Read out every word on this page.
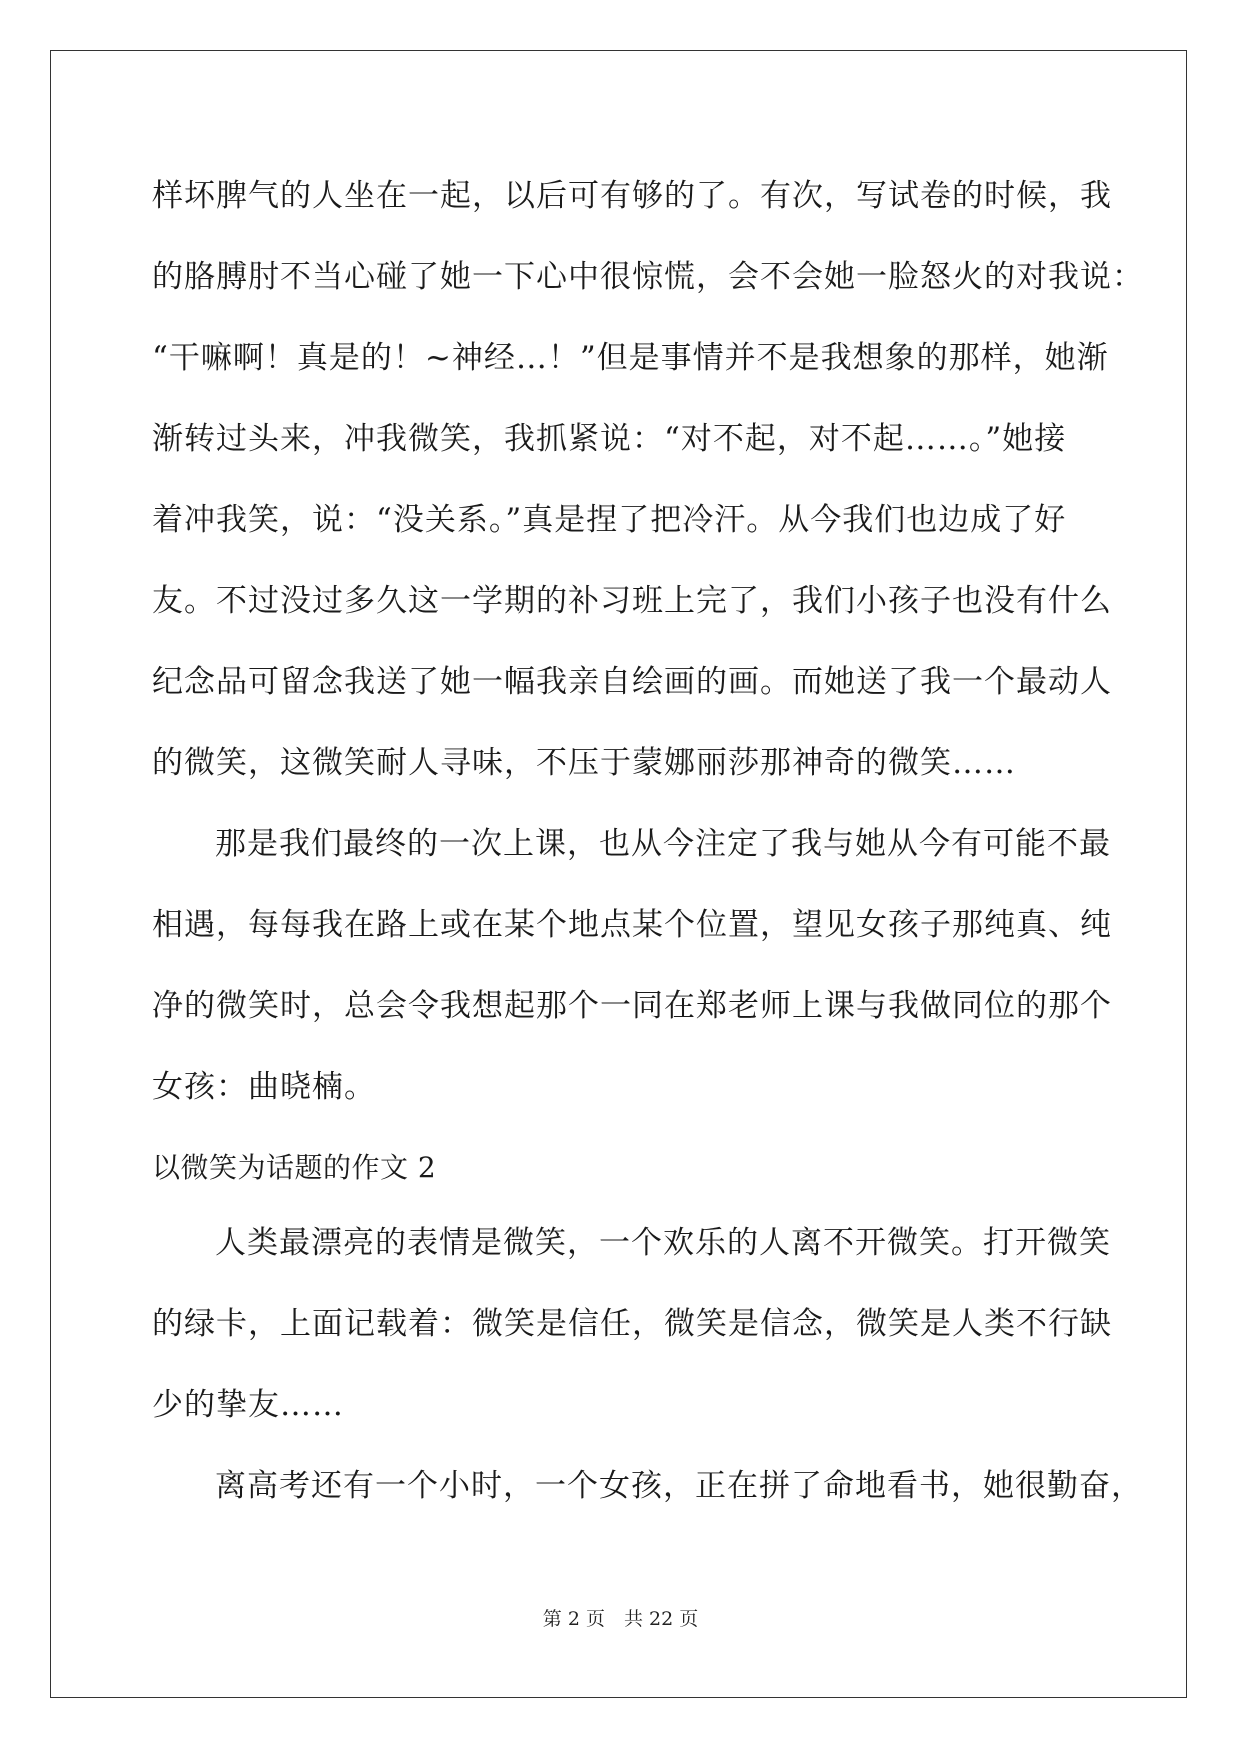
样坏脾气的人坐在一起，以后可有够的了。有次，写试卷的时候，我
的胳膊肘不当心碰了她一下心中很惊慌，会不会她一脸怒火的对我说：
“干嘛啊！真是的！~神经…！”但是事情并不是我想象的那样，她渐
渐转过头来，冲我微笑，我抓紧说：“对不起，对不起……。”她接
着冲我笑，说：“没关系。”真是捏了把冷汗。从今我们也边成了好
友。不过没过多久这一学期的补习班上完了，我们小孩子也没有什么
纪念品可留念我送了她一幅我亲自绘画的画。而她送了我一个最动人
的微笑，这微笑耐人寻味，不压于蒙娜丽莎那神奇的微笑……
那是我们最终的一次上课，也从今注定了我与她从今有可能不最
相遇，每每我在路上或在某个地点某个位置，望见女孩子那纯真、纯
净的微笑时，总会令我想起那个一同在郑老师上课与我做同位的那个
女孩：曲晓楠。
以微笑为话题的作文 2
人类最漂亮的表情是微笑，一个欢乐的人离不开微笑。打开微笑
的绿卡，上面记载着：微笑是信任，微笑是信念，微笑是人类不行缺
少的挚友……
离高考还有一个小时，一个女孩，正在拼了命地看书，她很勤奋，
第 2 页　共 22 页
